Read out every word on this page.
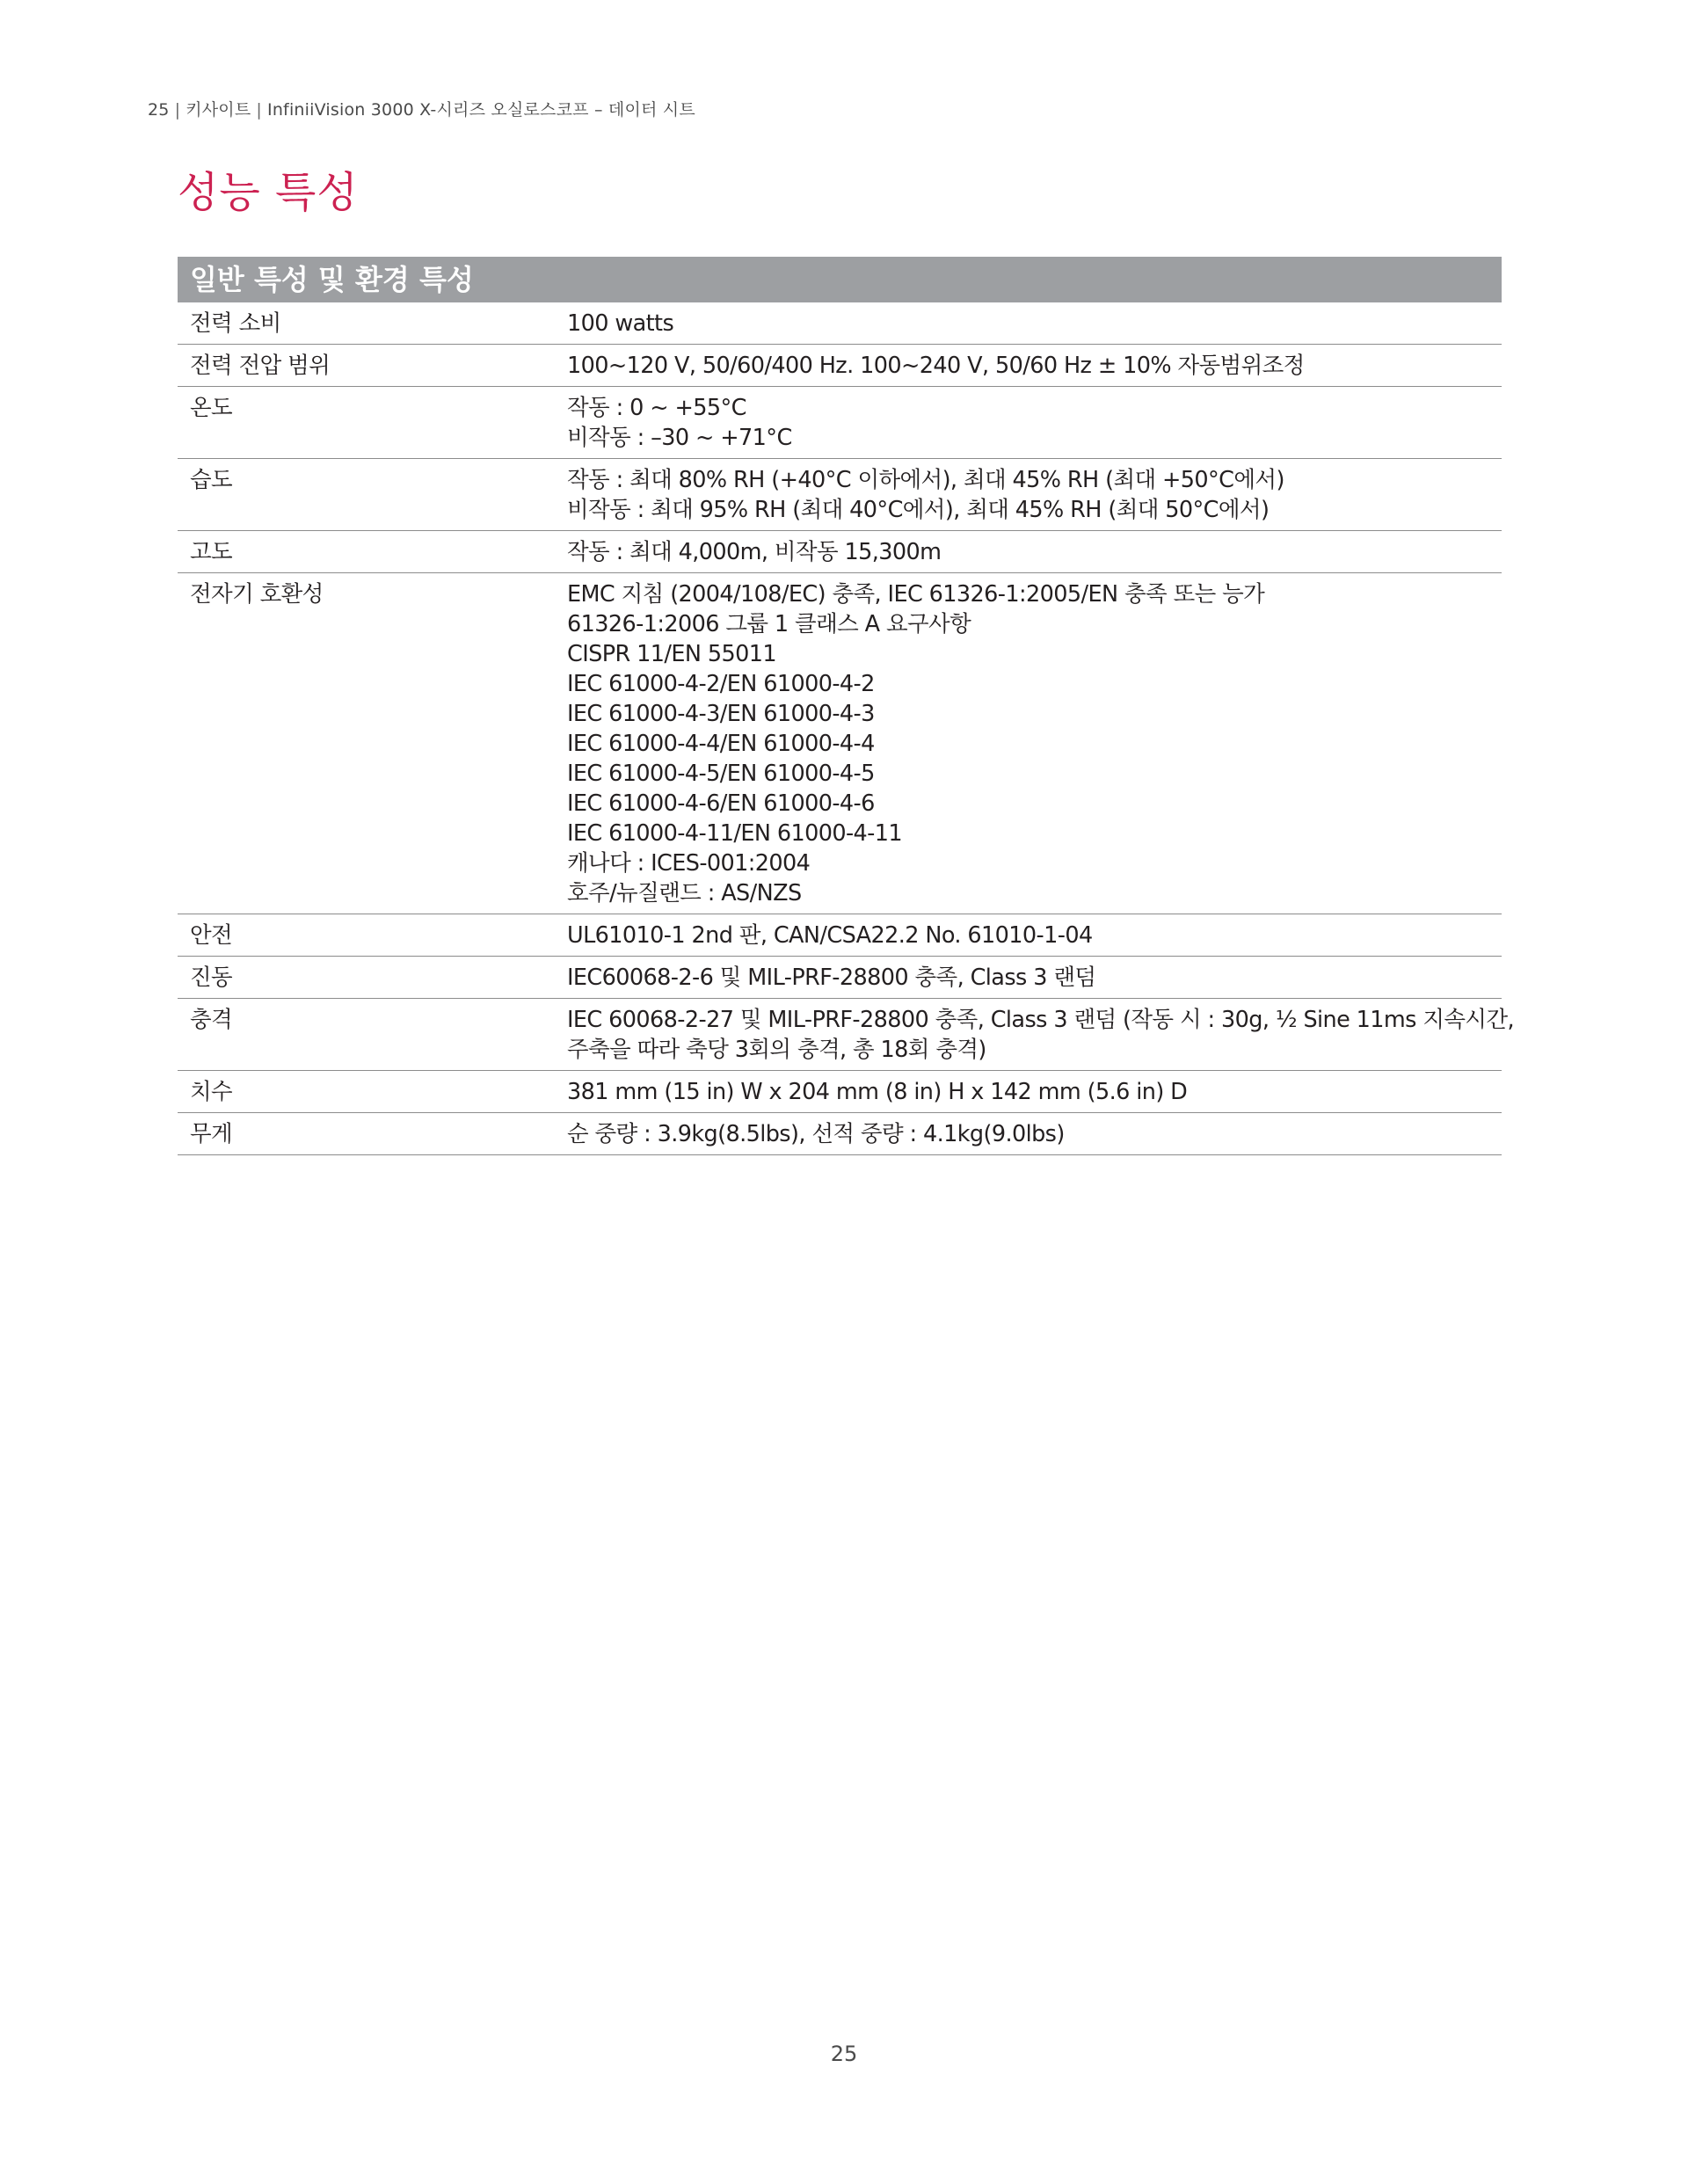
25 | 키사이트 | InfiniiVision 3000 X-시리즈 오실로스코프 – 데이터 시트
성능 특성
일반 특성 및 환경 특성
전력 소비	100 watts
전력 전압 범위	100~120 V, 50/60/400 Hz. 100~240 V, 50/60 Hz ± 10% 자동범위조정
온도	작동 : 0 ~ +55°C
비작동 : –30 ~ +71°C
습도	작동 : 최대 80% RH (+40°C 이하에서), 최대 45% RH (최대 +50°C에서)
비작동 : 최대 95% RH (최대 40°C에서), 최대 45% RH (최대 50°C에서)
고도	작동 : 최대 4,000m, 비작동 15,300m
전자기 호환성	EMC 지침 (2004/108/EC) 충족, IEC 61326-1:2005/EN 충족 또는 능가
61326-1:2006 그룹 1 클래스 A 요구사항
CISPR 11/EN 55011
IEC 61000-4-2/EN 61000-4-2
IEC 61000-4-3/EN 61000-4-3
IEC 61000-4-4/EN 61000-4-4
IEC 61000-4-5/EN 61000-4-5
IEC 61000-4-6/EN 61000-4-6
IEC 61000-4-11/EN 61000-4-11
캐나다 : ICES-001:2004
호주/뉴질랜드 : AS/NZS
안전	UL61010-1 2nd 판, CAN/CSA22.2 No. 61010-1-04
진동	IEC60068-2-6 및 MIL-PRF-28800 충족, Class 3 랜덤
충격	IEC 60068-2-27 및 MIL-PRF-28800 충족, Class 3 랜덤 (작동 시 : 30g, ½ Sine 11ms 지속시간,
주축을 따라 축당 3회의 충격, 총 18회 충격)
치수	381 mm (15 in) W x 204 mm (8 in) H x 142 mm (5.6 in) D
무게	순 중량 : 3.9kg(8.5lbs), 선적 중량 : 4.1kg(9.0lbs)
25
